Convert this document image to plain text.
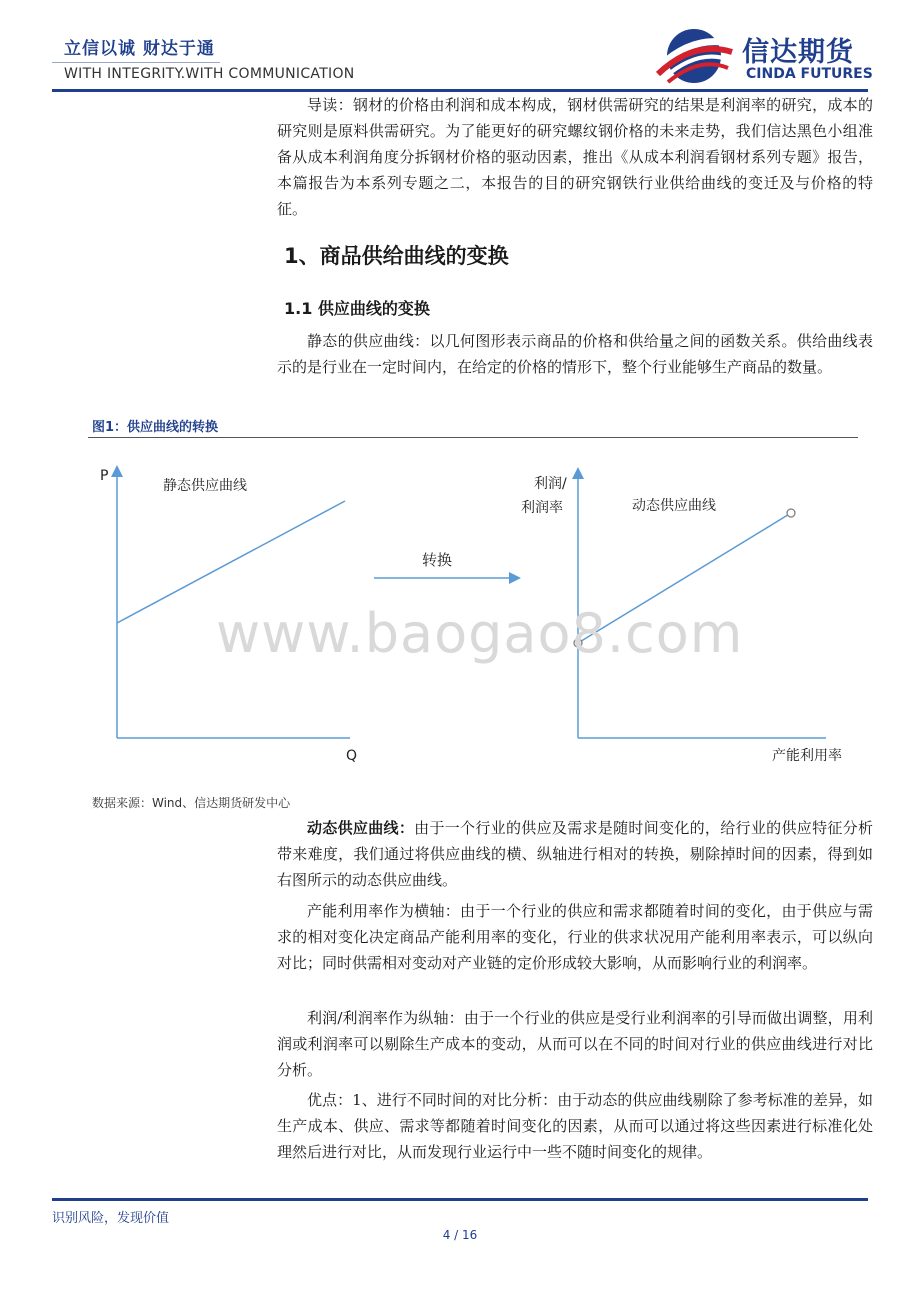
立信以诚 财达于通
WITH INTEGRITY.WITH COMMUNICATION
信达期货
CINDA FUTURES

导读：钢材的价格由利润和成本构成，钢材供需研究的结果是利润率的研究，成本的研究则是原料供需研究。为了能更好的研究螺纹钢价格的未来走势，我们信达黑色小组准备从成本利润角度分拆钢材价格的驱动因素，推出《从成本利润看钢材系列专题》报告，本篇报告为本系列专题之二，本报告的目的研究钢铁行业供给曲线的变迁及与价格的特征。

1、商品供给曲线的变换
1.1 供应曲线的变换

静态的供应曲线：以几何图形表示商品的价格和供给量之间的函数关系。供给曲线表示的是行业在一定时间内，在给定的价格的情形下，整个行业能够生产商品的数量。

图1：供应曲线的转换
P
Q
静态供应曲线
转换
利润/
利润率	动态供应曲线
产能利用率
www.baogao8.com
数据来源：Wind、信达期货研发中心

动态供应曲线：由于一个行业的供应及需求是随时间变化的，给行业的供应特征分析带来难度，我们通过将供应曲线的横、纵轴进行相对的转换，剔除掉时间的因素，得到如右图所示的动态供应曲线。

产能利用率作为横轴：由于一个行业的供应和需求都随着时间的变化，由于供应与需求的相对变化决定商品产能利用率的变化，行业的供求状况用产能利用率表示，可以纵向对比；同时供需相对变动对产业链的定价形成较大影响，从而影响行业的利润率。

利润/利润率作为纵轴：由于一个行业的供应是受行业利润率的引导而做出调整，用利润或利润率可以剔除生产成本的变动，从而可以在不同的时间对行业的供应曲线进行对比分析。

优点：1、进行不同时间的对比分析：由于动态的供应曲线剔除了参考标准的差异，如生产成本、供应、需求等都随着时间变化的因素，从而可以通过将这些因素进行标准化处理然后进行对比，从而发现行业运行中一些不随时间变化的规律。

识别风险，发现价值
4 / 16
